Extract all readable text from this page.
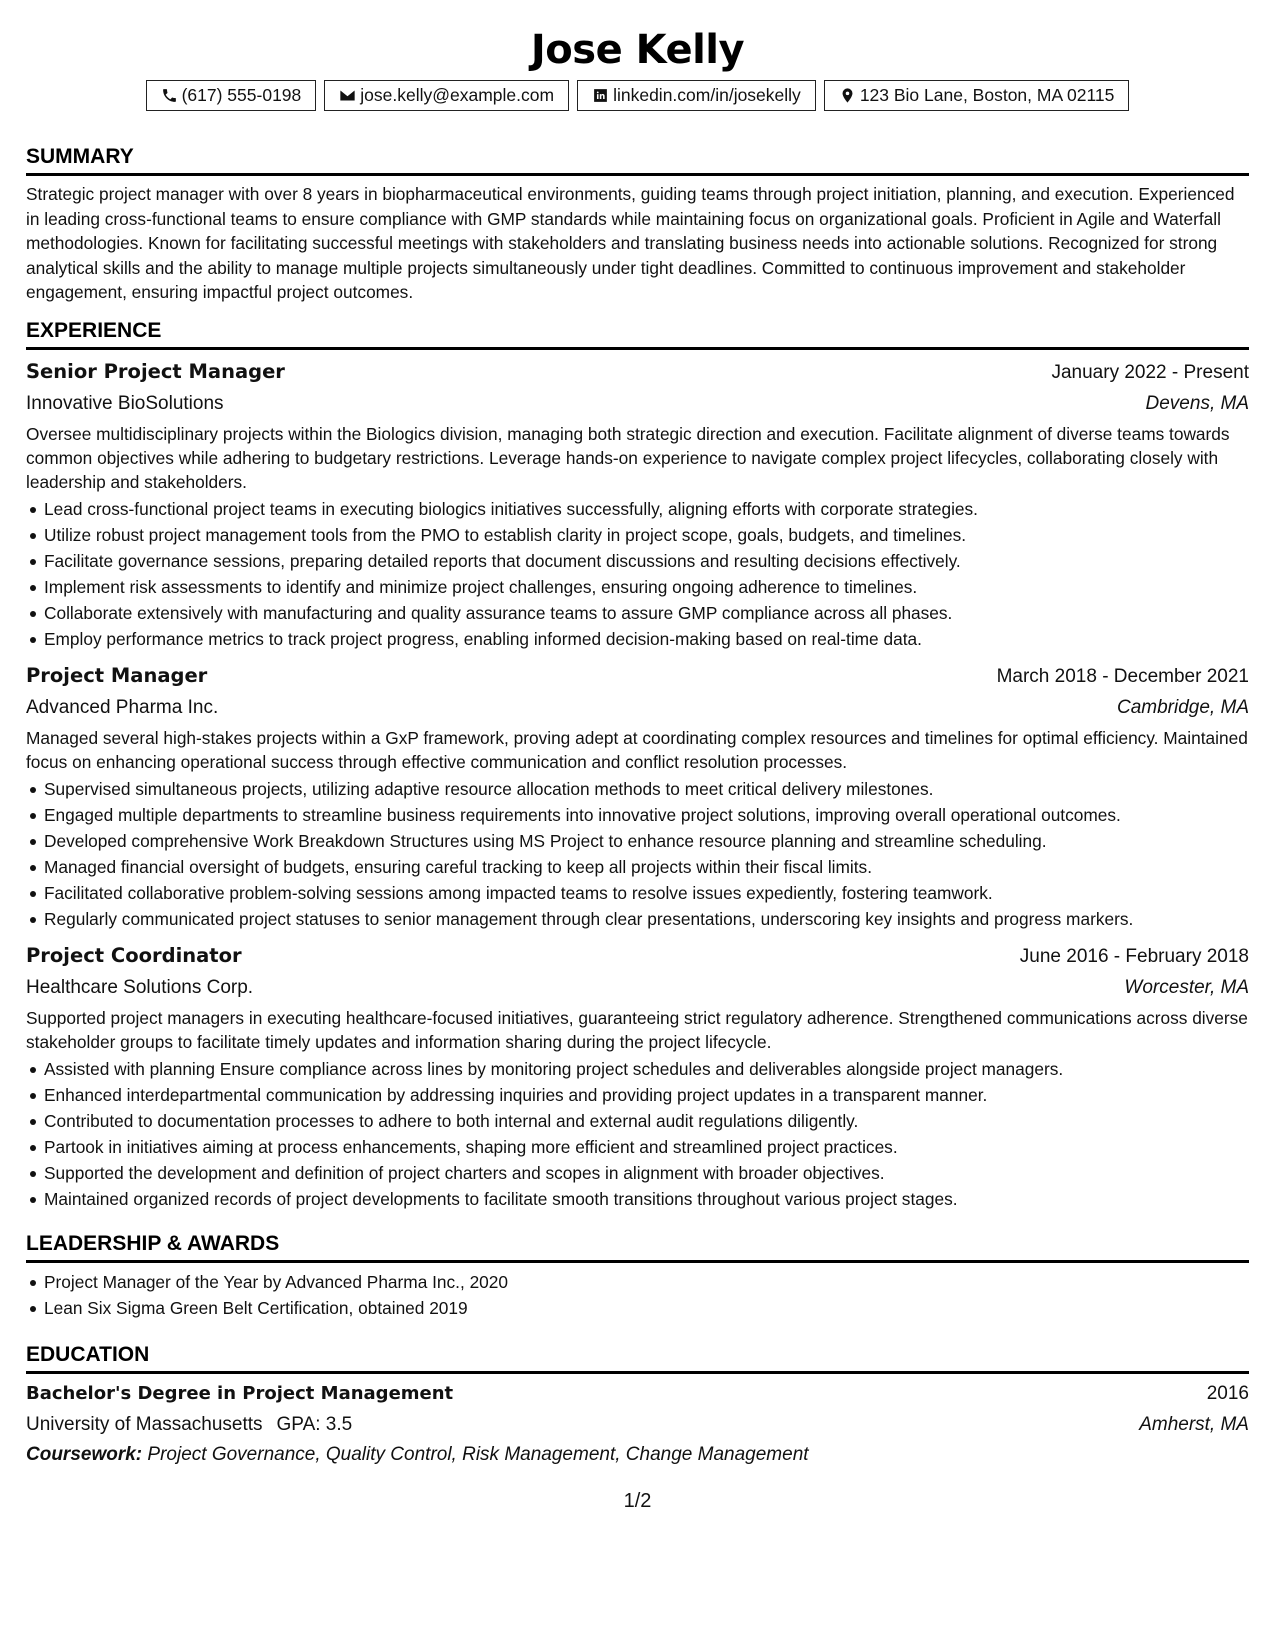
Jose Kelly
(617) 555-0198	jose.kelly@example.com	linkedin.com/in/josekelly	123 Bio Lane, Boston, MA 02115
SUMMARY
Strategic project manager with over 8 years in biopharmaceutical environments, guiding teams through project initiation, planning, and execution. Experienced in leading cross-functional teams to ensure compliance with GMP standards while maintaining focus on organizational goals. Proficient in Agile and Waterfall methodologies. Known for facilitating successful meetings with stakeholders and translating business needs into actionable solutions. Recognized for strong analytical skills and the ability to manage multiple projects simultaneously under tight deadlines. Committed to continuous improvement and stakeholder engagement, ensuring impactful project outcomes.
EXPERIENCE
Senior Project Manager	January 2022 - Present
Innovative BioSolutions	Devens, MA
Oversee multidisciplinary projects within the Biologics division, managing both strategic direction and execution. Facilitate alignment of diverse teams towards common objectives while adhering to budgetary restrictions. Leverage hands-on experience to navigate complex project lifecycles, collaborating closely with leadership and stakeholders.
Lead cross-functional project teams in executing biologics initiatives successfully, aligning efforts with corporate strategies.
Utilize robust project management tools from the PMO to establish clarity in project scope, goals, budgets, and timelines.
Facilitate governance sessions, preparing detailed reports that document discussions and resulting decisions effectively.
Implement risk assessments to identify and minimize project challenges, ensuring ongoing adherence to timelines.
Collaborate extensively with manufacturing and quality assurance teams to assure GMP compliance across all phases.
Employ performance metrics to track project progress, enabling informed decision-making based on real-time data.
Project Manager	March 2018 - December 2021
Advanced Pharma Inc.	Cambridge, MA
Managed several high-stakes projects within a GxP framework, proving adept at coordinating complex resources and timelines for optimal efficiency. Maintained focus on enhancing operational success through effective communication and conflict resolution processes.
Supervised simultaneous projects, utilizing adaptive resource allocation methods to meet critical delivery milestones.
Engaged multiple departments to streamline business requirements into innovative project solutions, improving overall operational outcomes.
Developed comprehensive Work Breakdown Structures using MS Project to enhance resource planning and streamline scheduling.
Managed financial oversight of budgets, ensuring careful tracking to keep all projects within their fiscal limits.
Facilitated collaborative problem-solving sessions among impacted teams to resolve issues expediently, fostering teamwork.
Regularly communicated project statuses to senior management through clear presentations, underscoring key insights and progress markers.
Project Coordinator	June 2016 - February 2018
Healthcare Solutions Corp.	Worcester, MA
Supported project managers in executing healthcare-focused initiatives, guaranteeing strict regulatory adherence. Strengthened communications across diverse stakeholder groups to facilitate timely updates and information sharing during the project lifecycle.
Assisted with planning Ensure compliance across lines by monitoring project schedules and deliverables alongside project managers.
Enhanced interdepartmental communication by addressing inquiries and providing project updates in a transparent manner.
Contributed to documentation processes to adhere to both internal and external audit regulations diligently.
Partook in initiatives aiming at process enhancements, shaping more efficient and streamlined project practices.
Supported the development and definition of project charters and scopes in alignment with broader objectives.
Maintained organized records of project developments to facilitate smooth transitions throughout various project stages.
LEADERSHIP & AWARDS
Project Manager of the Year by Advanced Pharma Inc., 2020
Lean Six Sigma Green Belt Certification, obtained 2019
EDUCATION
Bachelor's Degree in Project Management	2016
University of Massachusetts GPA: 3.5	Amherst, MA
Coursework: Project Governance, Quality Control, Risk Management, Change Management
1/2
